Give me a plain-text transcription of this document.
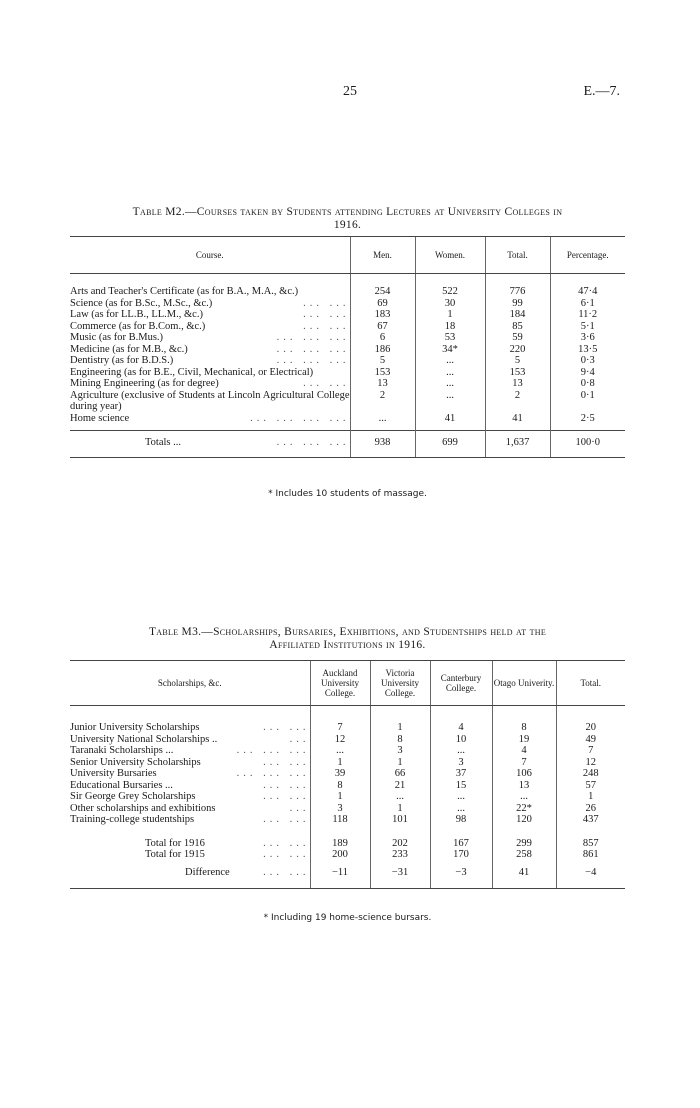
25	E.—7.
Table M2.—Courses taken by Students attending Lectures at University Colleges in
1916.
Course.	Men.	Women.	Total.	Percentage.

Arts and Teacher's Certificate (as for B.A., M.A., &c.)	254	522	776	47·4

Science (as for B.Sc., M.Sc., &c.) ... ...	69	30	99	6·1

Law (as for LL.B., LL.M., &c.) ... ...	183	1	184	11·2

Commerce (as for B.Com., &c.) ... ...	67	18	85	5·1

Music (as for B.Mus.) ... ... ...	6	53	59	3·6

Medicine (as for M.B., &c.) ... ... ...	186	34*	220	13·5

Dentistry (as for B.D.S.) ... ... ...	5	...	5	0·3

Engineering (as for B.E., Civil, Mechanical, or Electrical)	153	...	153	9·4

Mining Engineering (as for degree) ... ...	13	...	13	0·8

Agriculture (exclusive of Students at Lincoln Agricultural College during year)	2	...	2	0·1

Home science ... ... ... ...	...	41	41	2·5

Totals ... ... ... ...	938	699	1,637	100·0
* Includes 10 students of massage.
Table M3.—Scholarships, Bursaries, Exhibitions, and Studentships held at the
Affiliated Institutions in 1916.
Scholarships, &c.	Auckland University College.	Victoria University College.	Canterbury College.	Otago Univerity.	Total.

Junior University Scholarships ... ...	7	1	4	8	20

University National Scholarships .. ...	12	8	10	19	49

Taranaki Scholarships ... ... ... ...	...	3	...	4	7

Senior University Scholarships ... ...	1	1	3	7	12

University Bursaries ... ... ...	39	66	37	106	248

Educational Bursaries ... ... ...	8	21	15	13	57

Sir George Grey Scholarships ... ...	1	...	...	...	1

Other scholarships and exhibitions ...	3	1	...	22*	26

Training-college studentships ... ...	118	101	98	120	437

Total for 1916 ... ...	189	202	167	299	857

Total for 1915 ... ...	200	233	170	258	861

Difference ... ...	−11	−31	−3	41	−4
* Including 19 home-science bursars.
